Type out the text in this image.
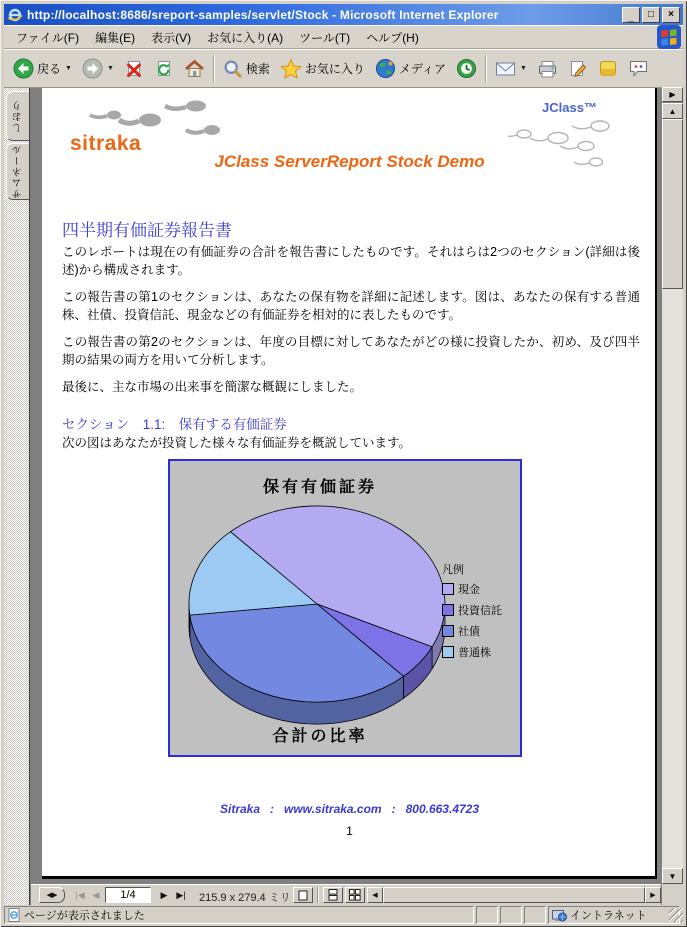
http://localhost:8686/sreport-samples/servlet/Stock - Microsoft Internet Explorer	_ □ ×
ファイル(F)	編集(E)	表示(V)	お気に入り(A)	ツール(T)	ヘルプ(H)
戻る ▼	▼	検索	お気に入り	メディア	▼
しおり
サムネール
sitraka
JClass™
JClass ServerReport Stock Demo
四半期有価証券報告書
このレポートは現在の有価証券の合計を報告書にしたものです。それはらは2つのセクション(詳細は後述)から構成されます。
この報告書の第1のセクションは、あなたの保有物を詳細に記述します。図は、あなたの保有する普通株、社債、投資信託、現金などの有価証券を相対的に表したものです。
この報告書の第2のセクションは、年度の目標に対してあなたがどの様に投資したか、初め、及び四半期の結果の両方を用いて分析します。
最後に、主な市場の出来事を簡潔な概観にしました。
セクション　1.1:　保有する有価証券
次の図はあなたが投資した様々な有価証券を概説しています。
保有有価証券
凡例
現金
投資信託
社債
普通株
合計の比率
Sitraka   :   www.sitraka.com   :   800.663.4723
1
▶
▲
▼
◀▶ |◀ ◀ 1/4	▶ ▶| 215.9 x 279.4 ミリ	◀	▶
ページが表示されました	イントラネット
